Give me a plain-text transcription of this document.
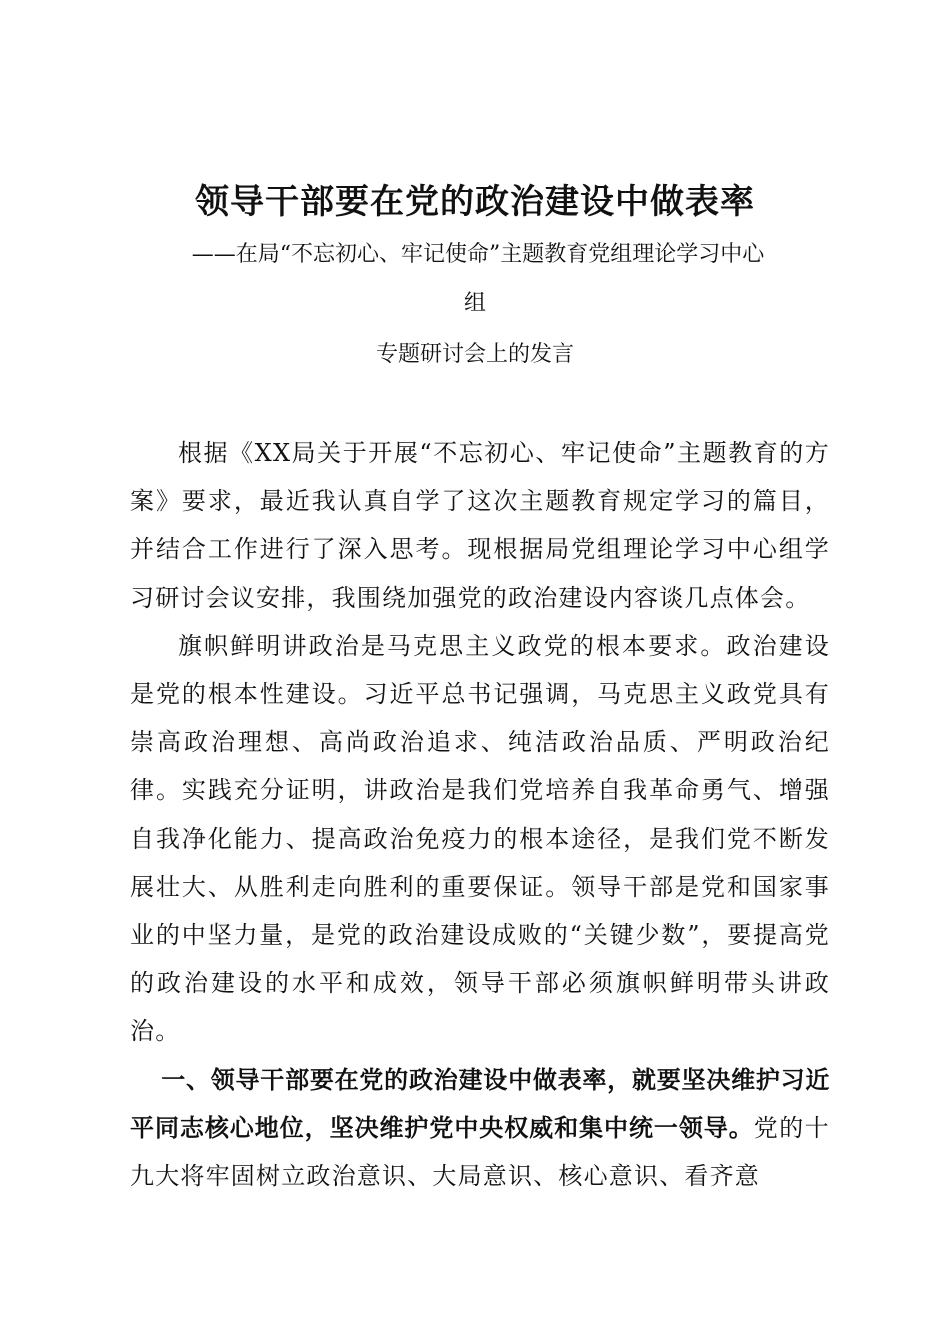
领导干部要在党的政治建设中做表率
——在局“不忘初心、牢记使命”主题教育党组理论学习中心
组
专题研讨会上的发言

根据《XX局关于开展“不忘初心、牢记使命”主题教育的方案》要求，最近我认真自学了这次主题教育规定学习的篇目，并结合工作进行了深入思考。现根据局党组理论学习中心组学习研讨会议安排，我围绕加强党的政治建设内容谈几点体会。

旗帜鲜明讲政治是马克思主义政党的根本要求。政治建设是党的根本性建设。习近平总书记强调，马克思主义政党具有崇高政治理想、高尚政治追求、纯洁政治品质、严明政治纪律。实践充分证明，讲政治是我们党培养自我革命勇气、增强自我净化能力、提高政治免疫力的根本途径，是我们党不断发展壮大、从胜利走向胜利的重要保证。领导干部是党和国家事业的中坚力量，是党的政治建设成败的“关键少数”，要提高党的政治建设的水平和成效，领导干部必须旗帜鲜明带头讲政治。

一、领导干部要在党的政治建设中做表率，就要坚决维护习近平同志核心地位，坚决维护党中央权威和集中统一领导。党的十九大将牢固树立政治意识、大局意识、核心意识、看齐意
